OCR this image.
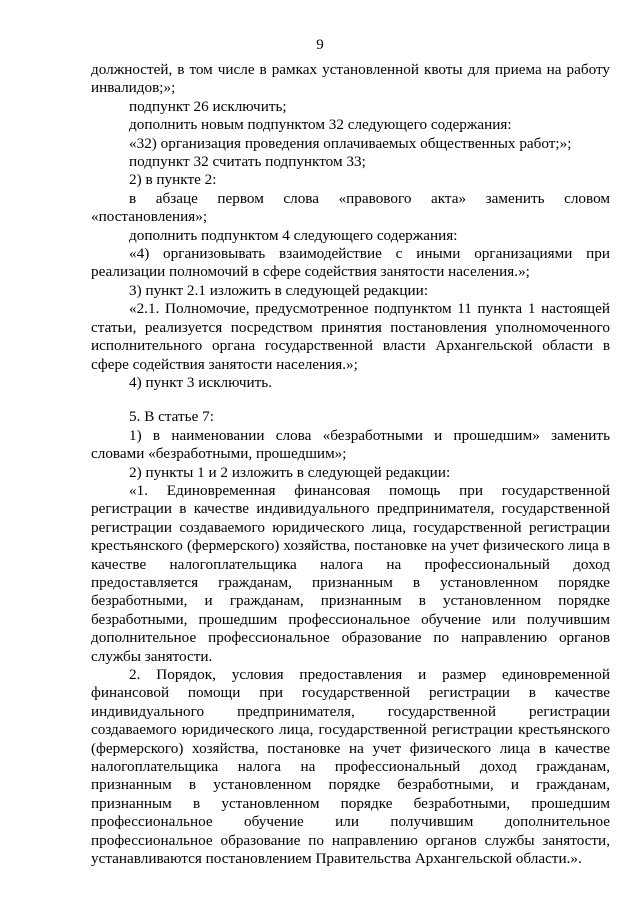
9

должностей, в том числе в рамках установленной квоты для приема на работу инвалидов;»;

подпункт 26 исключить;

дополнить новым подпунктом 32 следующего содержания:

«32) организация проведения оплачиваемых общественных работ;»;

подпункт 32 считать подпунктом 33;

2) в пункте 2:

в абзаце первом слова «правового акта» заменить словом «постановления»;

дополнить подпунктом 4 следующего содержания:

«4) организовывать взаимодействие с иными организациями при реализации полномочий в сфере содействия занятости населения.»;

3) пункт 2.1 изложить в следующей редакции:

«2.1. Полномочие, предусмотренное подпунктом 11 пункта 1 настоящей статьи, реализуется посредством принятия постановления уполномоченного исполнительного органа государственной власти Архангельской области в сфере содействия занятости населения.»;

4) пункт 3 исключить.

5. В статье 7:

1) в наименовании слова «безработными и прошедшим» заменить словами «безработными, прошедшим»;

2) пункты 1 и 2 изложить в следующей редакции:

«1. Единовременная финансовая помощь при государственной регистрации в качестве индивидуального предпринимателя, государственной регистрации создаваемого юридического лица, государственной регистрации крестьянского (фермерского) хозяйства, постановке на учет физического лица в качестве налогоплательщика налога на профессиональный доход предоставляется гражданам, признанным в установленном порядке безработными, и гражданам, признанным в установленном порядке безработными, прошедшим профессиональное обучение или получившим дополнительное профессиональное образование по направлению органов службы занятости.

2. Порядок, условия предоставления и размер единовременной финансовой помощи при государственной регистрации в качестве индивидуального предпринимателя, государственной регистрации создаваемого юридического лица, государственной регистрации крестьянского (фермерского) хозяйства, постановке на учет физического лица в качестве налогоплательщика налога на профессиональный доход гражданам, признанным в установленном порядке безработными, и гражданам, признанным в установленном порядке безработными, прошедшим профессиональное обучение или получившим дополнительное профессиональное образование по направлению органов службы занятости, устанавливаются постановлением Правительства Архангельской области.».
